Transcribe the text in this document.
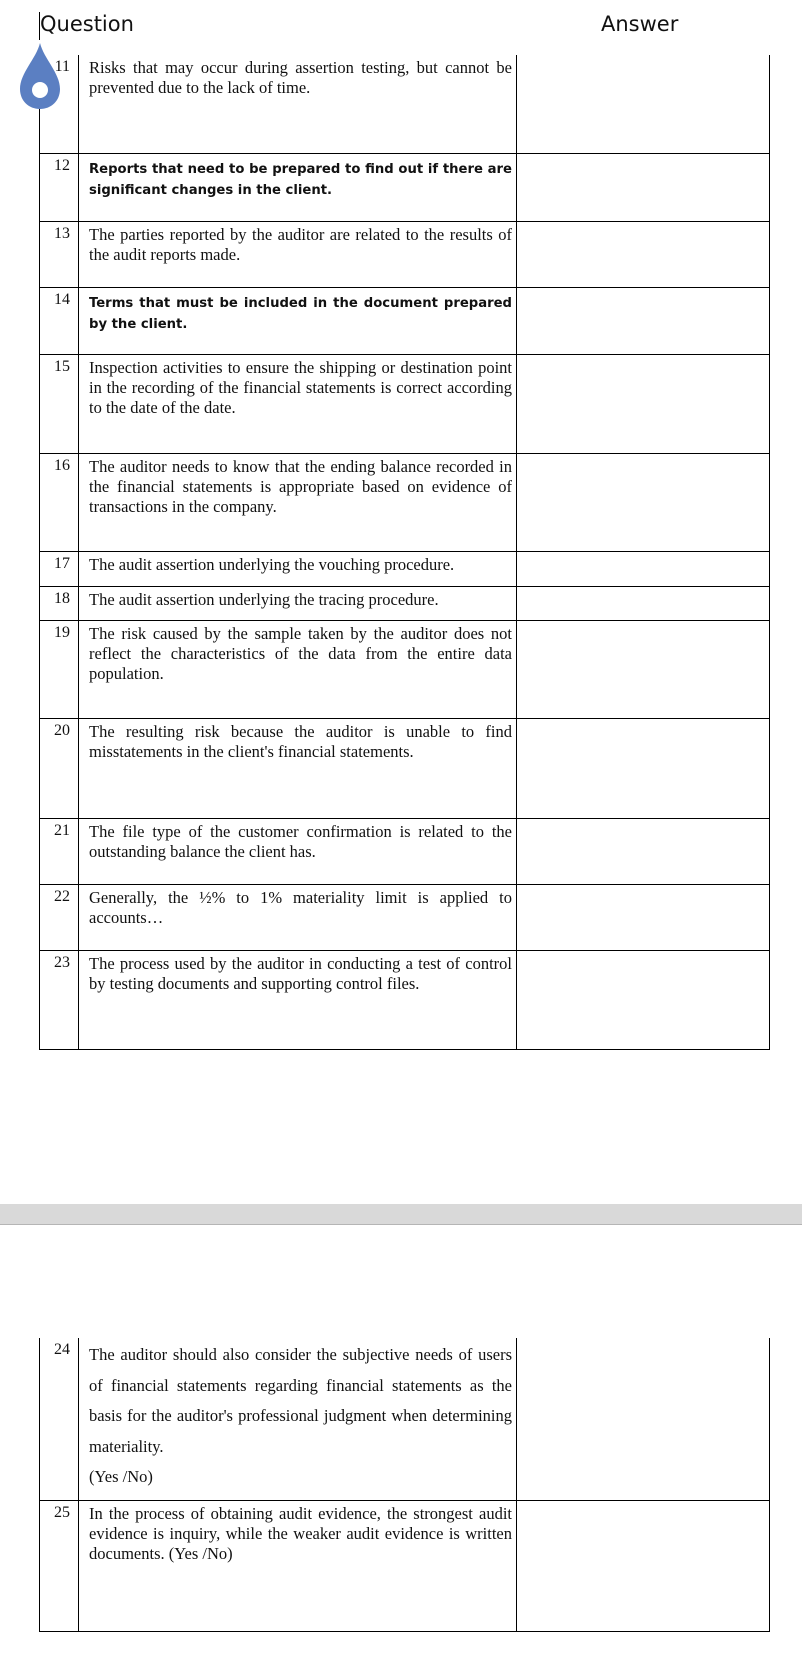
Question	Answer
11	Risks that may occur during assertion testing, but cannot be prevented due to the lack of time.	
12	Reports that need to be prepared to find out if there are significant changes in the client.	
13	The parties reported by the auditor are related to the results of the audit reports made.	
14	Terms that must be included in the document prepared by the client.	
15	Inspection activities to ensure the shipping or destination point in the recording of the financial statements is correct according to the date of the date.	
16	The auditor needs to know that the ending balance recorded in the financial statements is appropriate based on evidence of transactions in the company.	
17	The audit assertion underlying the vouching procedure.	
18	The audit assertion underlying the tracing procedure.	
19	The risk caused by the sample taken by the auditor does not reflect the characteristics of the data from the entire data population.	
20	The resulting risk because the auditor is unable to find misstatements in the client's financial statements.	
21	The file type of the customer confirmation is related to the outstanding balance the client has.	
22	Generally, the ½% to 1% materiality limit is applied to accounts…	
23	The process used by the auditor in conducting a test of control by testing documents and supporting control files.	
24	The auditor should also consider the subjective needs of users of financial statements regarding financial statements as the basis for the auditor's professional judgment when determining materiality.
(Yes /No)	

25	In the process of obtaining audit evidence, the strongest audit evidence is inquiry, while the weaker audit evidence is written documents. (Yes /No)	
